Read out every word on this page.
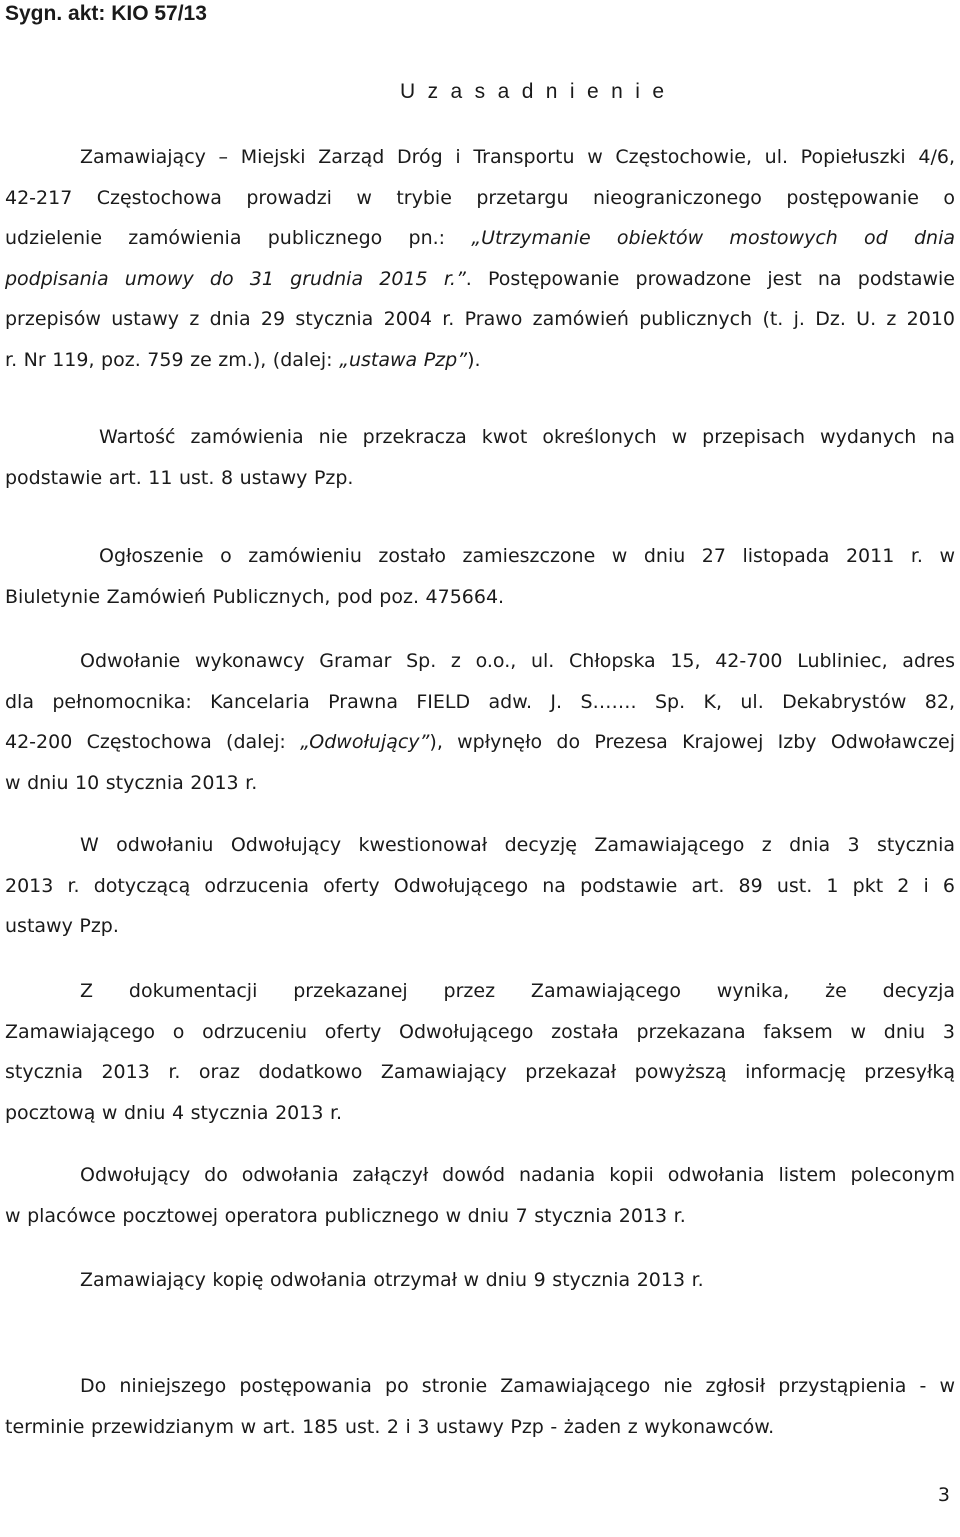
Sygn. akt: KIO 57/13
U z a s a d n i e n i e
Zamawiający – Miejski Zarząd Dróg i Transportu w Częstochowie, ul. Popiełuszki 4/6,
42-217 Częstochowa prowadzi w trybie przetargu nieograniczonego postępowanie o
udzielenie zamówienia publicznego pn.: „Utrzymanie obiektów mostowych od dnia
podpisania umowy do 31 grudnia 2015 r.”. Postępowanie prowadzone jest na podstawie
przepisów ustawy z dnia 29 stycznia 2004 r. Prawo zamówień publicznych (t. j. Dz. U. z 2010
r. Nr 119, poz. 759 ze zm.), (dalej: „ustawa Pzp”).
Wartość zamówienia nie przekracza kwot określonych w przepisach wydanych na
podstawie art. 11 ust. 8 ustawy Pzp.
Ogłoszenie o zamówieniu zostało zamieszczone w dniu 27 listopada 2011 r. w
Biuletynie Zamówień Publicznych, pod poz. 475664.
Odwołanie wykonawcy Gramar Sp. z o.o., ul. Chłopska 15, 42-700 Lubliniec, adres
dla pełnomocnika: Kancelaria Prawna FIELD adw. J. S……. Sp. K, ul. Dekabrystów 82,
42-200 Częstochowa (dalej: „Odwołujący”), wpłynęło do Prezesa Krajowej Izby Odwoławczej
w dniu 10 stycznia 2013 r.
W odwołaniu Odwołujący kwestionował decyzję Zamawiającego z dnia 3 stycznia
2013 r. dotyczącą odrzucenia oferty Odwołującego na podstawie art. 89 ust. 1 pkt 2 i 6
ustawy Pzp.
Z dokumentacji przekazanej przez Zamawiającego wynika, że decyzja
Zamawiającego o odrzuceniu oferty Odwołującego została przekazana faksem w dniu 3
stycznia 2013 r. oraz dodatkowo Zamawiający przekazał powyższą informację przesyłką
pocztową w dniu 4 stycznia 2013 r.
Odwołujący do odwołania załączył dowód nadania kopii odwołania listem poleconym
w placówce pocztowej operatora publicznego w dniu 7 stycznia 2013 r.
Zamawiający kopię odwołania otrzymał w dniu 9 stycznia 2013 r.
Do niniejszego postępowania po stronie Zamawiającego nie zgłosił przystąpienia - w
terminie przewidzianym w art. 185 ust. 2 i 3 ustawy Pzp - żaden z wykonawców.
3
